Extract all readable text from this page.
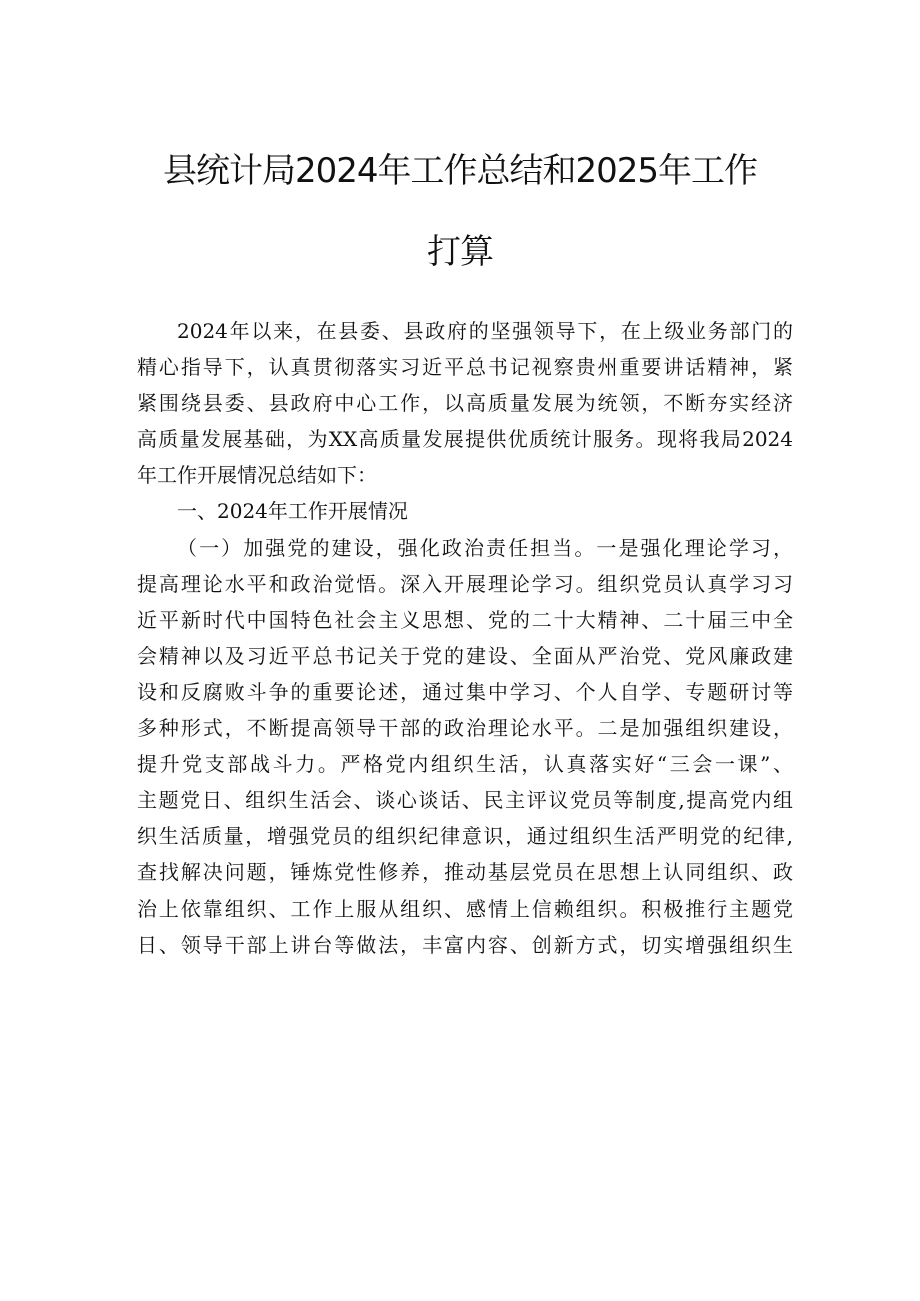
县统计局2024年工作总结和2025年工作
打算
2024年以来，在县委、县政府的坚强领导下，在上级业务部门的
精心指导下，认真贯彻落实习近平总书记视察贵州重要讲话精神，紧
紧围绕县委、县政府中心工作，以高质量发展为统领，不断夯实经济
高质量发展基础，为XX高质量发展提供优质统计服务。现将我局2024
年工作开展情况总结如下：
一、2024年工作开展情况
（一）加强党的建设，强化政治责任担当。一是强化理论学习，
提高理论水平和政治觉悟。深入开展理论学习。组织党员认真学习习
近平新时代中国特色社会主义思想、党的二十大精神、二十届三中全
会精神以及习近平总书记关于党的建设、全面从严治党、党风廉政建
设和反腐败斗争的重要论述，通过集中学习、个人自学、专题研讨等
多种形式，不断提高领导干部的政治理论水平。二是加强组织建设，
提升党支部战斗力。严格党内组织生活，认真落实好“三会一课”、
主题党日、组织生活会、谈心谈话、民主评议党员等制度,提高党内组
织生活质量，增强党员的组织纪律意识，通过组织生活严明党的纪律,
查找解决问题，锤炼党性修养，推动基层党员在思想上认同组织、政
治上依靠组织、工作上服从组织、感情上信赖组织。积极推行主题党
日、领导干部上讲台等做法，丰富内容、创新方式，切实增强组织生
